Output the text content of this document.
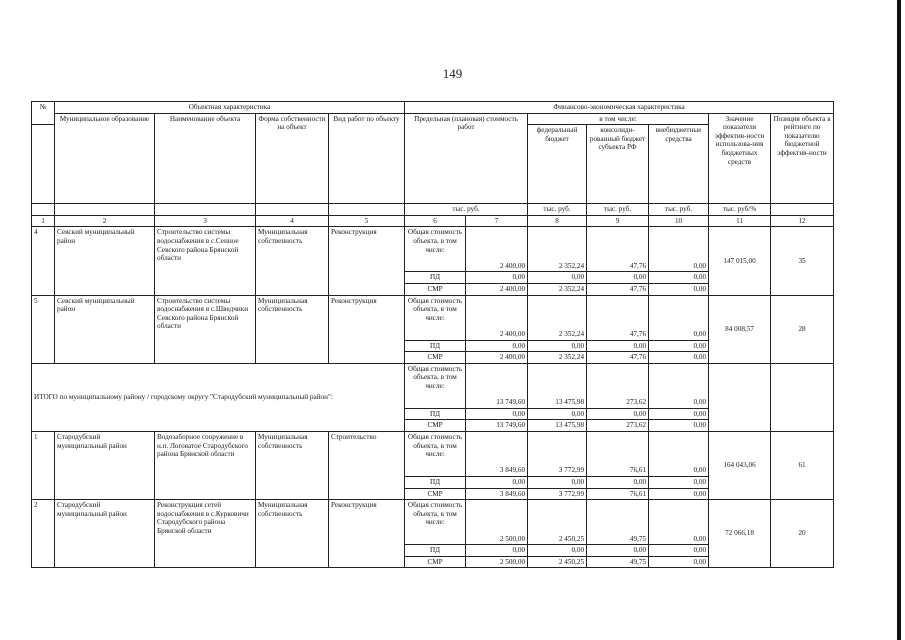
149
№	Объектная характеристика				Финансово-экономическая характеристика						
	Муниципальное образование	Наименование объекта	Форма собственности на объект	Вид работ по объекту	Предельная (плановая) стоимость работ		в том числе:			Значение показателя эффектив-ности использова-ния бюджетных средств	Позиция объекта в рейтинге по показателю бюджетной эффектив-ности
							федеральный бюджет	консолиди-рованный бюджет субъекта РФ	внебюджетные средства		
					тыс. руб.		тыс. руб.	тыс. руб.	тыс. руб.	тыс. руб/%	
1	2	3	4	5	6	7	8	9	10	11	12
4	Севский муниципальный район	Строительство системы водоснабжения в с.Сенное Севского района Брянской области	Муниципальная собственность	Реконструкция	Общая стоимость объекта, в том числе:	2 400,00	2 352,24	47,76	0,00	147 015,00	35
					ПД	0,00	0,00	0,00	0,00		
					СМР	2 400,00	2 352,24	47,76	0,00		
5	Севский муниципальный район	Строительство системы водоснабжения в с.Шведчики Севского района Брянской области	Муниципальная собственность	Реконструкция	Общая стоимость объекта, в том числе:	2 400,00	2 352,24	47,76	0,00	84 008,57	28
					ПД	0,00	0,00	0,00	0,00		
					СМР	2 400,00	2 352,24	47,76	0,00		
ИТОГО по муниципальному району / городскому округу "Стародубский муниципальный район":					Общая стоимость объекта, в том числе:	13 749,60	13 475,98	273,62	0,00		
					ПД	0,00	0,00	0,00	0,00		
					СМР	13 749,60	13 475,98	273,62	0,00		
1	Стародубский муниципальный район	Водозаборное сооружение в н.п. Логоватое Стародубского района Брянской области	Муниципальная собственность	Строительство	Общая стоимость объекта, в том числе:	3 849,60	3 772,99	76,61	0,00	164 043,06	61
					ПД	0,00	0,00	0,00	0,00		
					СМР	3 849,60	3 772,99	76,61	0,00		
2	Стародубский муниципальный район	Реконструкция сетей водоснабжения в с.Курковичи Стародубского района Брянской области	Муниципальная собственность	Реконструкция	Общая стоимость объекта, в том числе:	2 500,00	2 450,25	49,75	0,00	72 066,18	20
					ПД	0,00	0,00	0,00	0,00		
					СМР	2 500,00	2 450,25	49,75	0,00		
